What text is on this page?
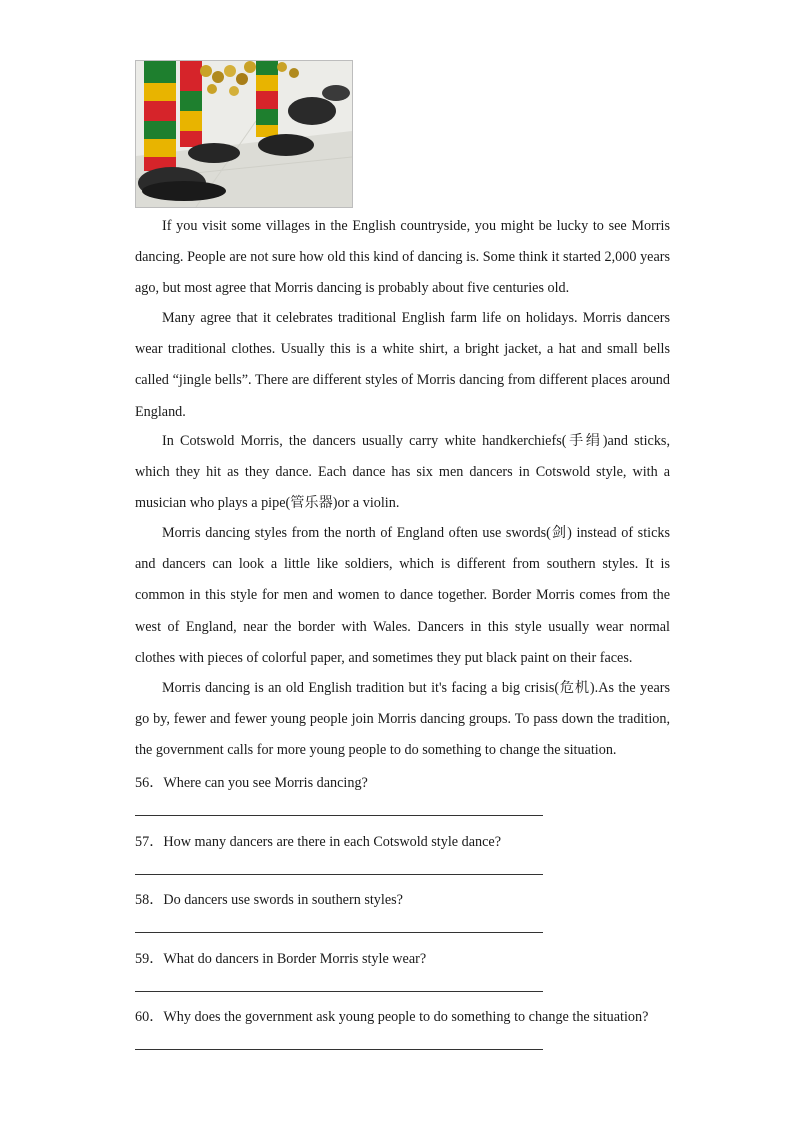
If you visit some villages in the English countryside, you might be lucky to see Morris dancing. People are not sure how old this kind of dancing is. Some think it started 2,000 years ago, but most agree that Morris dancing is probably about five centuries old.

Many agree that it celebrates traditional English farm life on holidays. Morris dancers wear traditional clothes. Usually this is a white shirt, a bright jacket, a hat and small bells called “jingle bells”. There are different styles of Morris dancing from different places around England.

In Cotswold Morris, the dancers usually carry white handkerchiefs(手绢)and sticks, which they hit as they dance. Each dance has six men dancers in Cotswold style, with a musician who plays a pipe(管乐器)or a violin.

Morris dancing styles from the north of England often use swords(剑) instead of sticks and dancers can look a little like soldiers, which is different from southern styles. It is common in this style for men and women to dance together. Border Morris comes from the west of England, near the border with Wales. Dancers in this style usually wear normal clothes with pieces of colorful paper, and sometimes they put black paint on their faces.

Morris dancing is an old English tradition but it's facing a big crisis(危机).As the years go by, fewer and fewer young people join Morris dancing groups. To pass down the tradition, the government calls for more young people to do something to change the situation.

56．Where can you see Morris dancing?
57．How many dancers are there in each Cotswold style dance?
58．Do dancers use swords in southern styles?
59．What do dancers in Border Morris style wear?
60．Why does the government ask young people to do something to change the situation?
